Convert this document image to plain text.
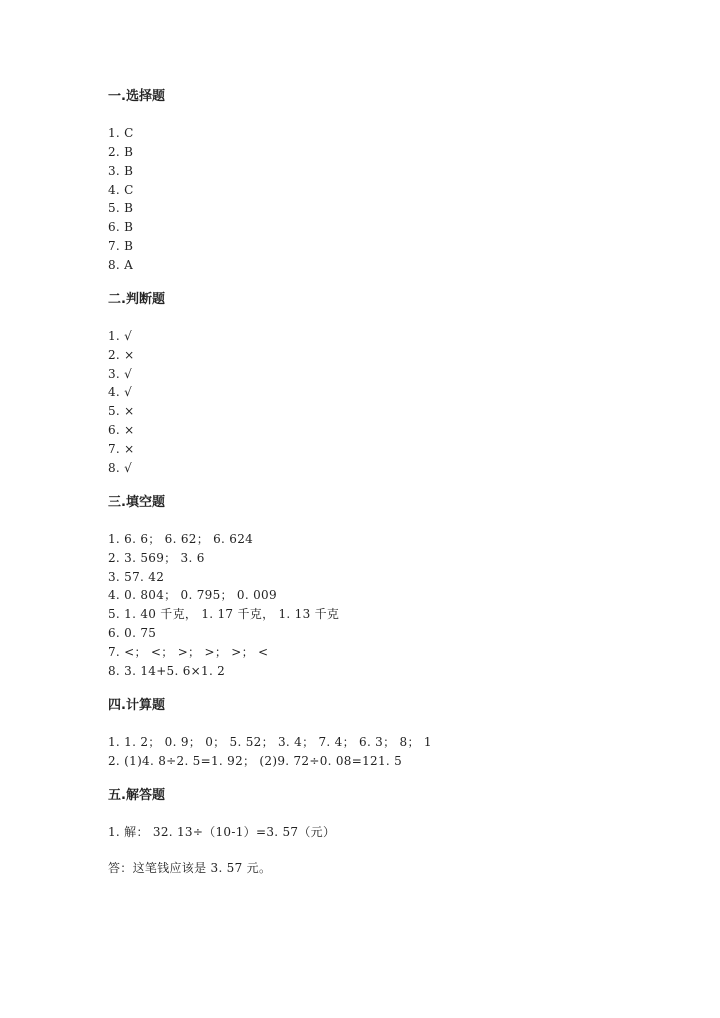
一.选择题
1. C
2. B
3. B
4. C
5. B
6. B
7. B
8. A
二.判断题
1. √
2. ×
3. √
4. √
5. ×
6. ×
7. ×
8. √
三.填空题
1. 6. 6； 6. 62； 6. 624
2. 3. 569； 3. 6
3. 57. 42
4. 0. 804； 0. 795； 0. 009
5. 1. 40 千克， 1. 17 千克， 1. 13 千克
6. 0. 75
7. <； <； >； >； >； <
8. 3. 14+5. 6×1. 2
四.计算题
1. 1. 2； 0. 9； 0； 5. 52； 3. 4； 7. 4； 6. 3； 8； 1
2. (1)4. 8÷2. 5=1. 92； (2)9. 72÷0. 08=121. 5
五.解答题
1. 解： 32. 13÷（10-1）=3. 57（元）
答：这笔钱应该是 3. 57 元。
